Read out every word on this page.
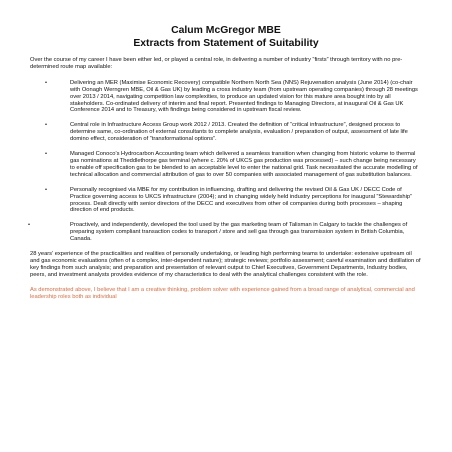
Calum McGregor MBE
Extracts from Statement of Suitability

Over the course of my career I have been either led, or played a central role, in delivering a number of industry “firsts” through territory with no pre-determined route map available:

•	Delivering an MER (Maximise Economic Recovery) compatible Northern North Sea (NNS) Rejuvenation analysis (June 2014) (co-chair with Oonagh Werngren MBE, Oil & Gas UK) by leading a cross industry team (from upstream operating companies) through 28 meetings over 2013 / 2014, navigating competition law complexities, to produce an updated vision for this mature area bought into by all stakeholders. Co-ordinated delivery of interim and final report. Presented findings to Managing Directors, at inaugural Oil & Gas UK Conference 2014 and to Treasury, with findings being considered in upstream fiscal review.
•	Central role in Infrastructure Access Group work 2012 / 2013. Created the definition of “critical infrastructure”, designed process to determine same, co-ordination of external consultants to complete analysis, evaluation / preparation of output, assessment of late life domino effect, consideration of “transformational options”.
•	Managed Conoco’s Hydrocarbon Accounting team which delivered a seamless transition when changing from historic volume to thermal gas nominations at Theddlethorpe gas terminal (where c. 20% of UKCS gas production was processed) – such change being necessary to enable off specification gas to be blended to an acceptable level to enter the national grid. Task necessitated the accurate modelling of technical allocation and commercial attribution of gas to over 50 companies with associated management of gas substitution balances.
•	Personally recognised via MBE for my contribution in influencing, drafting and delivering the revised Oil & Gas UK / DECC Code of Practice governing access to UKCS infrastructure (2004); and in changing widely held industry perceptions for inaugural “Stewardship” process. Dealt directly with senior directors of the DECC and executives from other oil companies during both processes – shaping direction of end products.
•	Proactively, and independently, developed the tool used by the gas marketing team of Talisman in Calgary to tackle the challenges of preparing system compliant transaction codes to transport / store and sell gas through gas transmission system in British Columbia, Canada.

28 years’ experience of the practicalities and realities of personally undertaking, or leading high performing teams to undertake: extensive upstream oil and gas economic evaluations (often of a complex, inter-dependent nature); strategic reviews; portfolio assessment; careful examination and distillation of key findings from such analysis; and preparation and presentation of relevant output to Chief Executives, Government Departments, Industry bodies, peers, and investment analysts provides evidence of my characteristics to deal with the analytical challenges consistent with the role.

As demonstrated above, I believe that I am a creative thinking, problem solver with experience gained from a broad range of analytical, commercial and leadership roles both as individual
